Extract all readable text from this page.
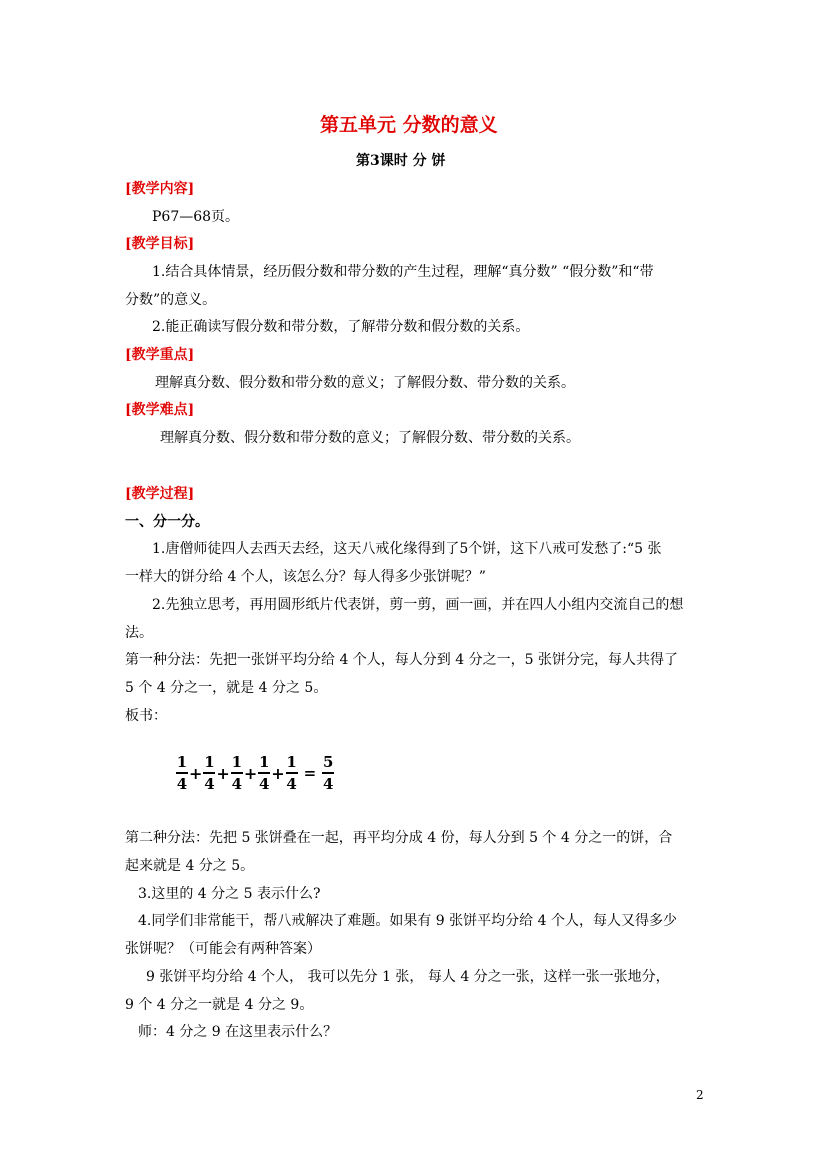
第五单元 分数的意义
第3课时 分 饼
[教学内容]
P67—68页。
[教学目标]
1.结合具体情景，经历假分数和带分数的产生过程，理解“真分数” “假分数”和“带
分数”的意义。
2.能正确读写假分数和带分数，了解带分数和假分数的关系。
[教学重点]
理解真分数、假分数和带分数的意义；了解假分数、带分数的关系。
[教学难点]
理解真分数、假分数和带分数的意义；了解假分数、带分数的关系。
[教学过程]
一、分一分。
1.唐僧师徒四人去西天去经，这天八戒化缘得到了5个饼，这下八戒可发愁了:“5 张
一样大的饼分给 4 个人，该怎么分？每人得多少张饼呢？”
2.先独立思考，再用圆形纸片代表饼，剪一剪，画一画，并在四人小组内交流自己的想
法。
第一种分法：先把一张饼平均分给 4 个人，每人分到 4 分之一，5 张饼分完，每人共得了
5 个 4 分之一，就是 4 分之 5。
板书：
$\frac{1}{4} + \frac{1}{4} + \frac{1}{4} + \frac{1}{4} + \frac{1}{4} = \frac{5}{4}$
第二种分法：先把 5 张饼叠在一起，再平均分成 4 份，每人分到 5 个 4 分之一的饼，合
起来就是 4 分之 5。
3.这里的 4 分之 5 表示什么?
4.同学们非常能干，帮八戒解决了难题。如果有 9 张饼平均分给 4 个人，每人又得多少
张饼呢？（可能会有两种答案）
9 张饼平均分给 4 个人， 我可以先分 1 张， 每人 4 分之一张，这样一张一张地分，
9 个 4 分之一就是 4 分之 9。
师：4 分之 9 在这里表示什么？
2
